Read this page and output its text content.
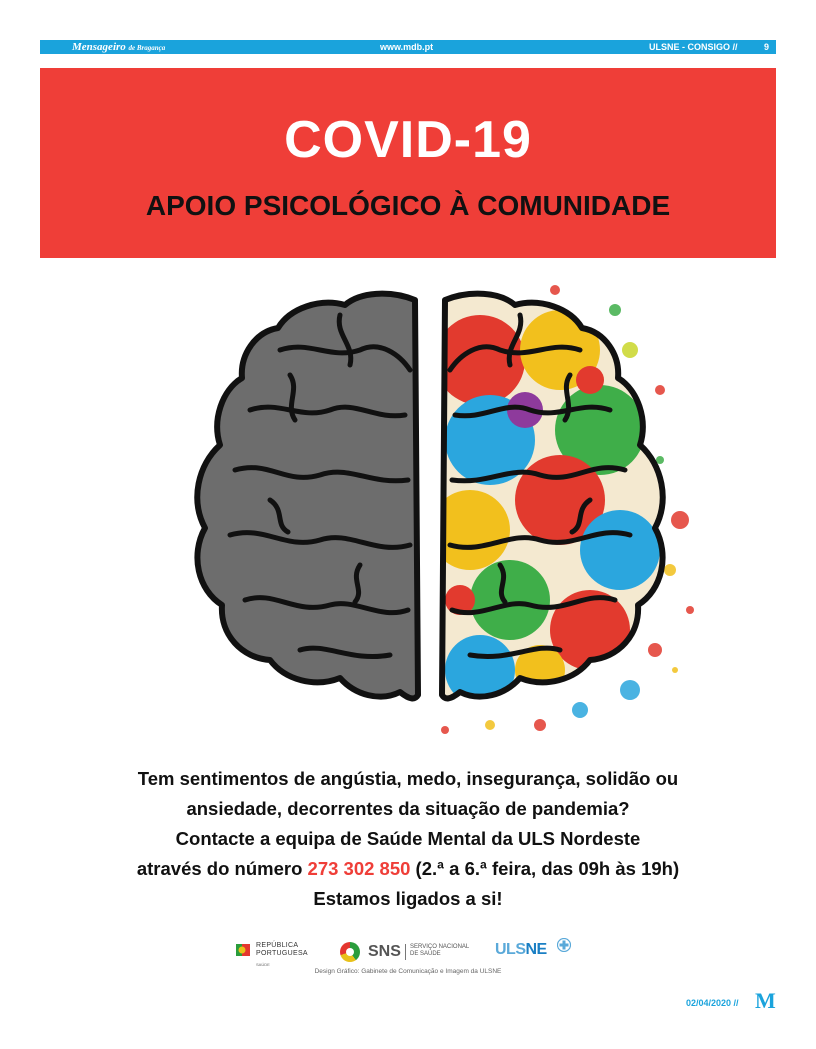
Mensageiro de Bragança	www.mdb.pt	ULSNE - CONSIGO //	9
COVID-19
APOIO PSICOLÓGICO À COMUNIDADE
Tem sentimentos de angústia, medo, insegurança, solidão ou
ansiedade, decorrentes da situação de pandemia?
Contacte a equipa de Saúde Mental da ULS Nordeste
através do número 273 302 850 (2.ª a 6.ª feira, das 09h às 19h)
Estamos ligados a si!
REPÚBLICA
PORTUGUESA
SAÚDE
SNS SERVIÇO NACIONAL
DE SAÚDE	ULSNE
Design Gráfico: Gabinete de Comunicação e Imagem da ULSNE
02/04/2020 // M
